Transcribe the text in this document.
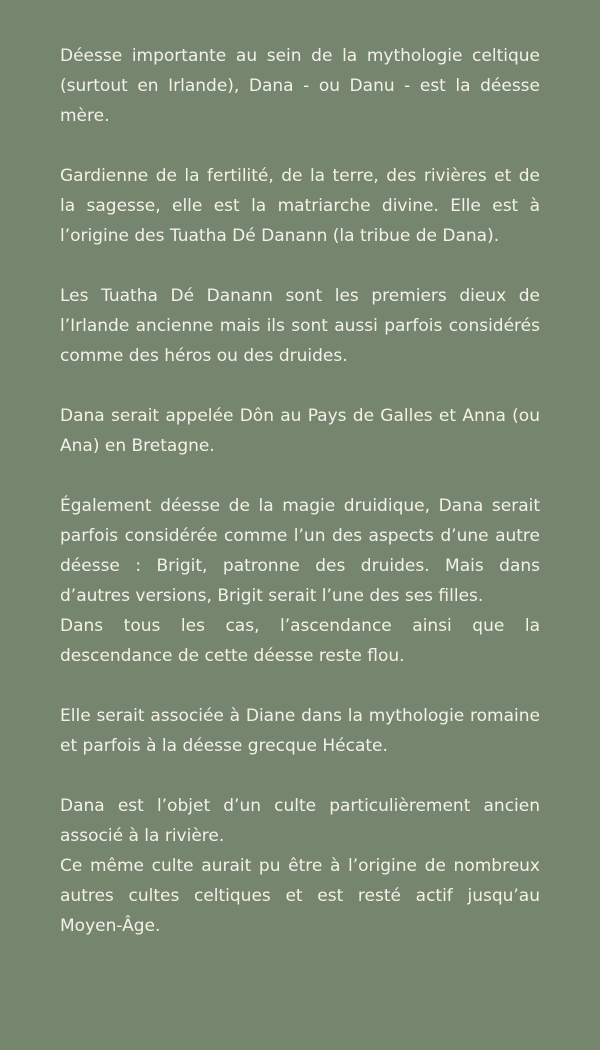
Déesse importante au sein de la mythologie celtique (surtout en Irlande), Dana - ou Danu - est la déesse mère.

Gardienne de la fertilité, de la terre, des rivières et de la sagesse, elle est la matriarche divine. Elle est à l’origine des Tuatha Dé Danann (la tribue de Dana).

Les Tuatha Dé Danann sont les premiers dieux de l’Irlande ancienne mais ils sont aussi parfois considérés comme des héros ou des druides.

Dana serait appelée Dôn au Pays de Galles et Anna (ou Ana) en Bretagne.

Également déesse de la magie druidique, Dana serait parfois considérée comme l’un des aspects d’une autre déesse : Brigit, patronne des druides. Mais dans d’autres versions, Brigit serait l’une des ses filles.
Dans tous les cas, l’ascendance ainsi que la descendance de cette déesse reste flou.

Elle serait associée à Diane dans la mythologie romaine et parfois à la déesse grecque Hécate.

Dana est l’objet d’un culte particulièrement ancien associé à la rivière.
Ce même culte aurait pu être à l’origine de nombreux autres cultes celtiques et est resté actif jusqu’au Moyen-Âge.
